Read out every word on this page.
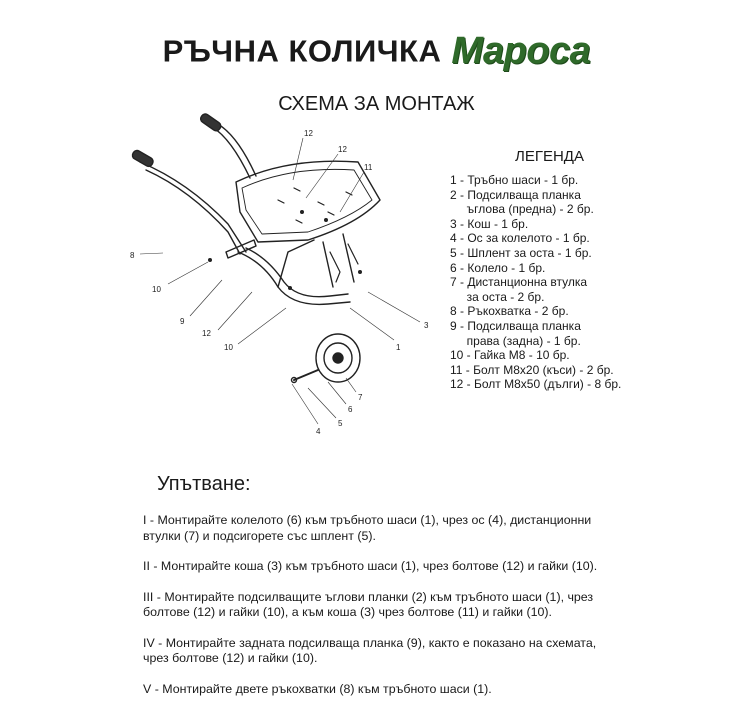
РЪЧНА КОЛИЧКА Мароса
СХЕМА ЗА МОНТАЖ
12
12
11
8
10
9
12
10
3
1
7
6
5
4
ЛЕГЕНДА
1 - Тръбно шаси - 1 бр.
2 - Подсилваща планка
ъглова (предна) - 2 бр.
3 - Кош - 1 бр.
4 - Ос за колелото - 1 бр.
5 - Шплент за оста - 1 бр.
6 - Колело - 1 бр.
7 - Дистанционна втулка
за оста - 2 бр.
8 - Ръкохватка - 2 бр.
9 - Подсилваща планка
права (задна) - 1 бр.
10 - Гайка М8 - 10 бр.
11 - Болт М8х20 (къси) - 2 бр.
12 - Болт М8х50 (дълги) - 8 бр.
Упътване:

I - Монтирайте колелото (6) към тръбното шаси (1), чрез ос (4), дистанционни втулки (7) и подсигорете със шплент (5).

II - Монтирайте коша (3) към тръбното шаси (1), чрез болтове (12) и гайки (10).

III - Монтирайте подсилващите ъглови планки (2) към тръбното шаси (1), чрез болтове (12) и гайки (10), а към коша (3) чрез болтове (11) и гайки (10).

IV - Монтирайте задната подсилваща планка (9), както е показано на схемата, чрез болтове (12) и гайки (10).

V - Монтирайте двете ръкохватки (8) към тръбното шаси (1).
